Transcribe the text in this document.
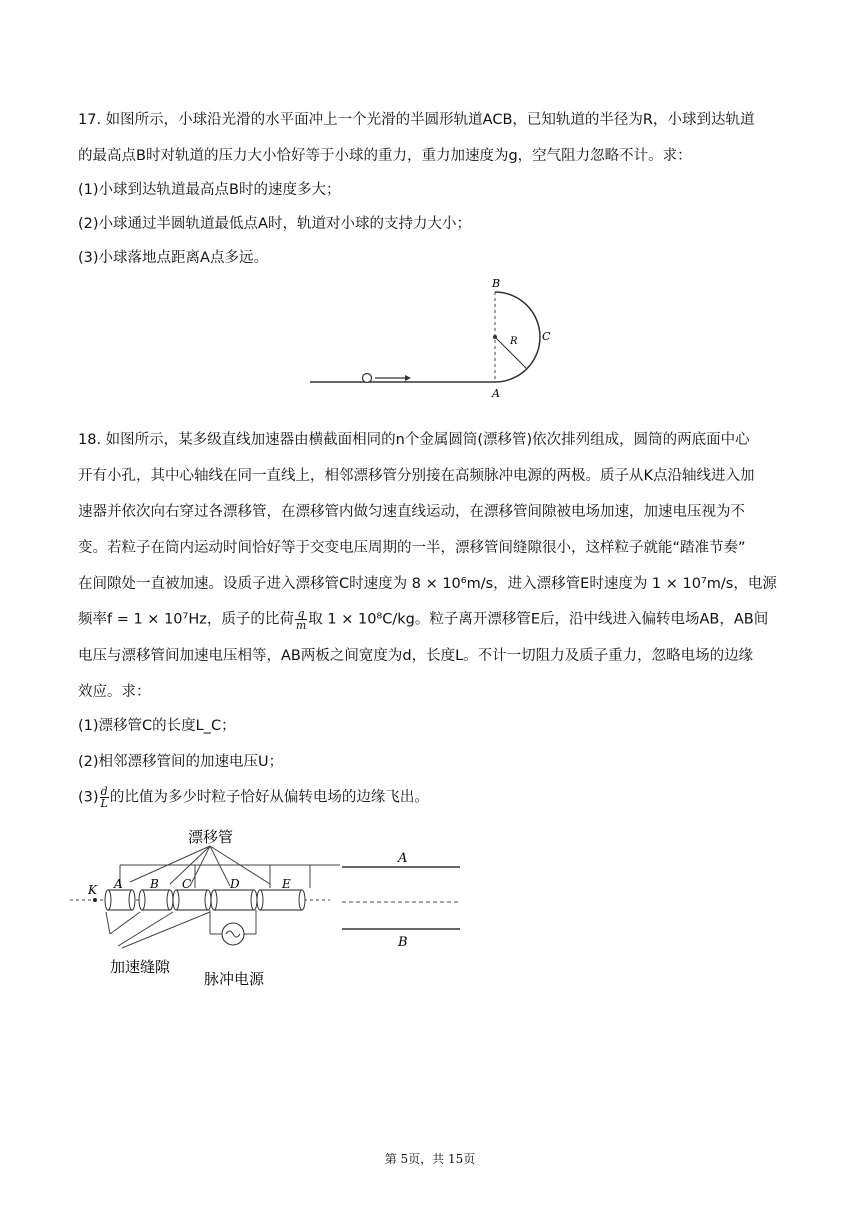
17. 如图所示，小球沿光滑的水平面冲上一个光滑的半圆形轨道ACB，已知轨道的半径为R，小球到达轨道
的最高点B时对轨道的压力大小恰好等于小球的重力，重力加速度为g，空气阻力忽略不计。求：
(1)小球到达轨道最高点B时的速度多大；
(2)小球通过半圆轨道最低点A时，轨道对小球的支持力大小；
(3)小球落地点距离A点多远。
B
C
R
A
18. 如图所示，某多级直线加速器由横截面相同的n个金属圆筒(漂移管)依次排列组成，圆筒的两底面中心
开有小孔，其中心轴线在同一直线上，相邻漂移管分别接在高频脉冲电源的两极。质子从K点沿轴线进入加
速器并依次向右穿过各漂移管，在漂移管内做匀速直线运动，在漂移管间隙被电场加速，加速电压视为不
变。若粒子在筒内运动时间恰好等于交变电压周期的一半，漂移管间缝隙很小，这样粒子就能“踏准节奏”
在间隙处一直被加速。设质子进入漂移管C时速度为 8 × 10⁶m/s，进入漂移管E时速度为 1 × 10⁷m/s，电源
频率f = 1 × 10⁷Hz，质子的比荷 $\frac{q}{m}$ 取 1 × 10⁸C/kg。粒子离开漂移管E后，沿中线进入偏转电场AB，AB间
电压与漂移管间加速电压相等，AB两板之间宽度为d，长度L。不计一切阻力及质子重力，忽略电场的边缘
效应。求：
(1)漂移管C的长度L_C；
(2)相邻漂移管间的加速电压U；
$(3) \frac{d}{L}$ 的比值为多少时粒子恰好从偏转电场的边缘飞出。
漂移管
K A B C	D	E
加速缝隙
脉冲电源
A
B
第 5页，共 15页
